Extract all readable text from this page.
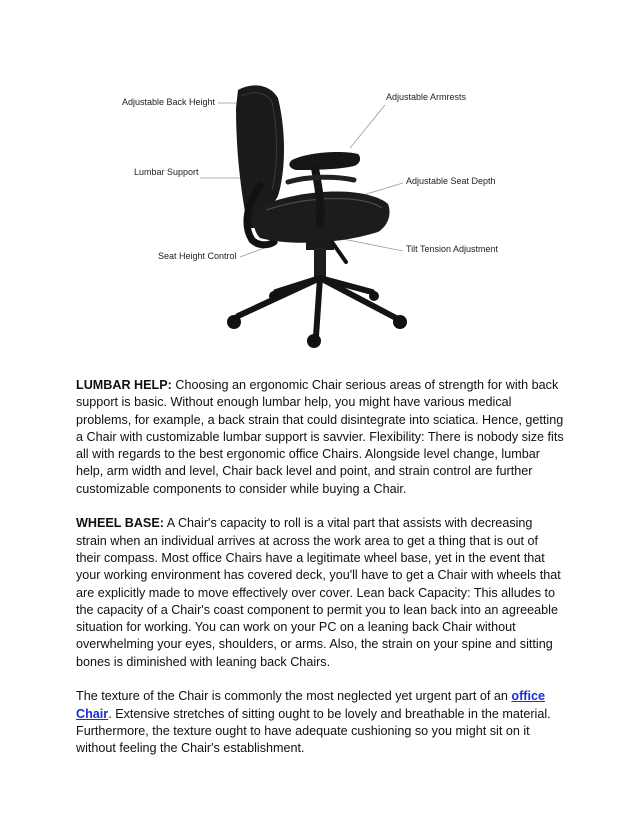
Adjustable Back Height	Adjustable Armrests
Lumbar Support
Adjustable Seat Depth
Seat Height Control
Tilt Tension Adjustment

LUMBAR HELP: Choosing an ergonomic Chair serious areas of strength for with back support is basic. Without enough lumbar help, you might have various medical problems, for example, a back strain that could disintegrate into sciatica. Hence, getting a Chair with customizable lumbar support is savvier. Flexibility: There is nobody size fits all with regards to the best ergonomic office Chairs. Alongside level change, lumbar help, arm width and level, Chair back level and point, and strain control are further customizable components to consider while buying a Chair.

WHEEL BASE: A Chair's capacity to roll is a vital part that assists with decreasing strain when an individual arrives at across the work area to get a thing that is out of their compass. Most office Chairs have a legitimate wheel base, yet in the event that your working environment has covered deck, you'll have to get a Chair with wheels that are explicitly made to move effectively over cover. Lean back Capacity: This alludes to the capacity of a Chair's coast component to permit you to lean back into an agreeable situation for working. You can work on your PC on a leaning back Chair without overwhelming your eyes, shoulders, or arms. Also, the strain on your spine and sitting bones is diminished with leaning back Chairs.

The texture of the Chair is commonly the most neglected yet urgent part of an office Chair. Extensive stretches of sitting ought to be lovely and breathable in the material. Furthermore, the texture ought to have adequate cushioning so you might sit on it without feeling the Chair's establishment.
